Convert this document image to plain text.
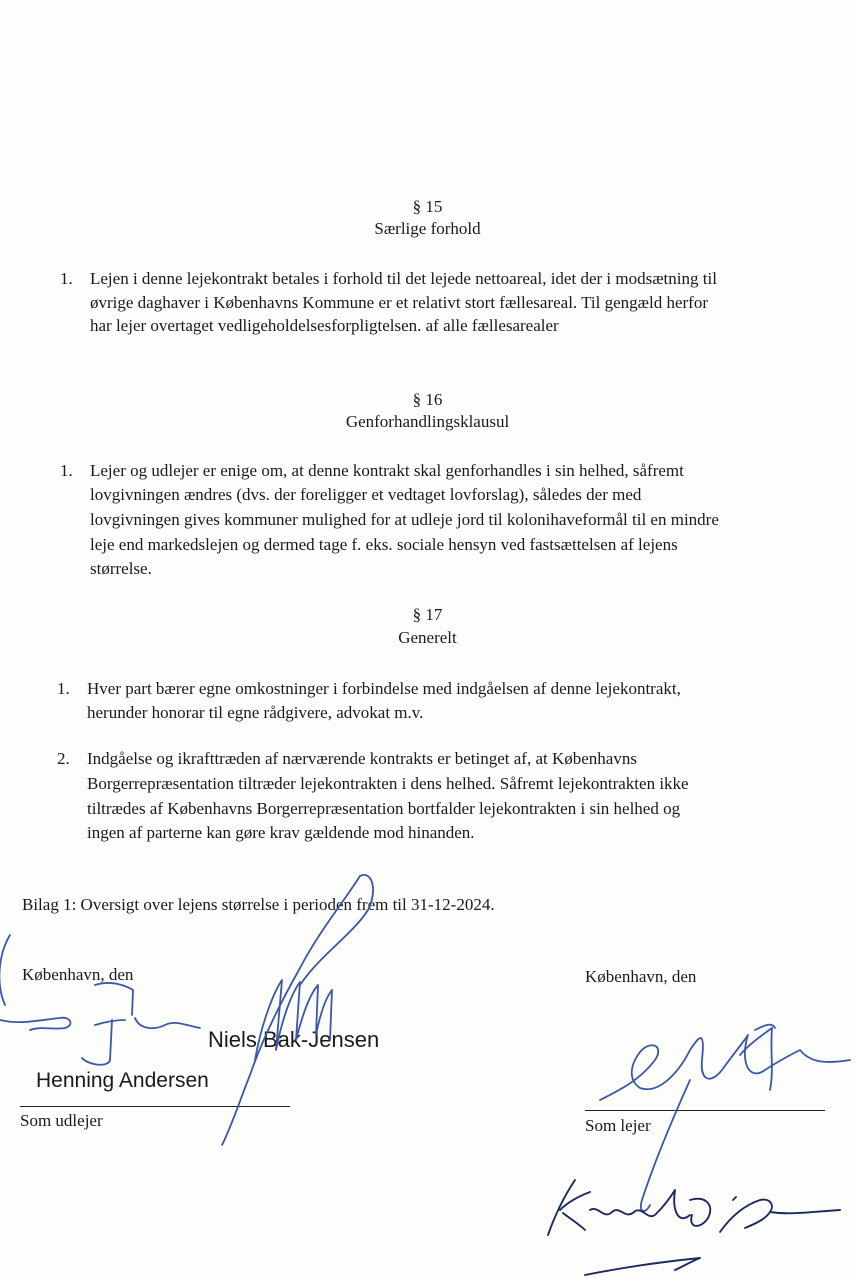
§ 15
Særlige forhold
1. Lejen i denne lejekontrakt betales i forhold til det lejede nettoareal, idet der i modsætning til
øvrige daghaver i Københavns Kommune er et relativt stort fællesareal. Til gengæld herfor
har lejer overtaget vedligeholdelsesforpligtelsen. af alle fællesarealer
§ 16
Genforhandlingsklausul
1. Lejer og udlejer er enige om, at denne kontrakt skal genforhandles i sin helhed, såfremt
lovgivningen ændres (dvs. der foreligger et vedtaget lovforslag), således der med
lovgivningen gives kommuner mulighed for at udleje jord til kolonihaveformål til en mindre
leje end markedslejen og dermed tage f. eks. sociale hensyn ved fastsættelsen af lejens
størrelse.
§ 17
Generelt
1. Hver part bærer egne omkostninger i forbindelse med indgåelsen af denne lejekontrakt,
herunder honorar til egne rådgivere, advokat m.v.
2. Indgåelse og ikrafttræden af nærværende kontrakts er betinget af, at Københavns
Borgerrepræsentation tiltræder lejekontrakten i dens helhed. Såfremt lejekontrakten ikke
tiltrædes af Københavns Borgerrepræsentation bortfalder lejekontrakten i sin helhed og
ingen af parterne kan gøre krav gældende mod hinanden.
Bilag 1: Oversigt over lejens størrelse i perioden frem til 31-12-2024.
København, den
Niels Bak-Jensen
Henning Andersen
Som udlejer
København, den
Som lejer
